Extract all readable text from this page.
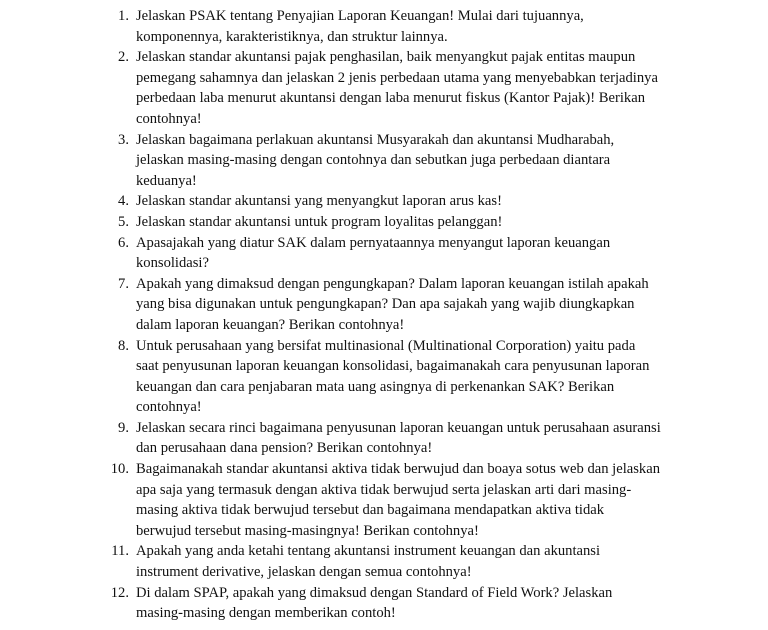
1. Jelaskan PSAK tentang Penyajian Laporan Keuangan! Mulai dari tujuannya,
komponennya, karakteristiknya, dan struktur lainnya.
2. Jelaskan standar akuntansi pajak penghasilan, baik menyangkut pajak entitas maupun
pemegang sahamnya dan jelaskan 2 jenis perbedaan utama yang menyebabkan terjadinya
perbedaan laba menurut akuntansi dengan laba menurut fiskus (Kantor Pajak)! Berikan
contohnya!
3. Jelaskan bagaimana perlakuan akuntansi Musyarakah dan akuntansi Mudharabah,
jelaskan masing-masing dengan contohnya dan sebutkan juga perbedaan diantara
keduanya!
4. Jelaskan standar akuntansi yang menyangkut laporan arus kas!
5. Jelaskan standar akuntansi untuk program loyalitas pelanggan!
6. Apasajakah yang diatur SAK dalam pernyataannya menyangut laporan keuangan
konsolidasi?
7. Apakah yang dimaksud dengan pengungkapan? Dalam laporan keuangan istilah apakah
yang bisa digunakan untuk pengungkapan? Dan apa sajakah yang wajib diungkapkan
dalam laporan keuangan? Berikan contohnya!
8. Untuk perusahaan yang bersifat multinasional (Multinational Corporation) yaitu pada
saat penyusunan laporan keuangan konsolidasi, bagaimanakah cara penyusunan laporan
keuangan dan cara penjabaran mata uang asingnya di perkenankan SAK? Berikan
contohnya!
9. Jelaskan secara rinci bagaimana penyusunan laporan keuangan untuk perusahaan asuransi
dan perusahaan dana pension? Berikan contohnya!
10. Bagaimanakah standar akuntansi aktiva tidak berwujud dan boaya sotus web dan jelaskan
apa saja yang termasuk dengan aktiva tidak berwujud serta jelaskan arti dari masing-
masing aktiva tidak berwujud tersebut dan bagaimana mendapatkan aktiva tidak
berwujud tersebut masing-masingnya! Berikan contohnya!
11. Apakah yang anda ketahi tentang akuntansi instrument keuangan dan akuntansi
instrument derivative, jelaskan dengan semua contohnya!
12. Di dalam SPAP, apakah yang dimaksud dengan Standard of Field Work? Jelaskan
masing-masing dengan memberikan contoh!
